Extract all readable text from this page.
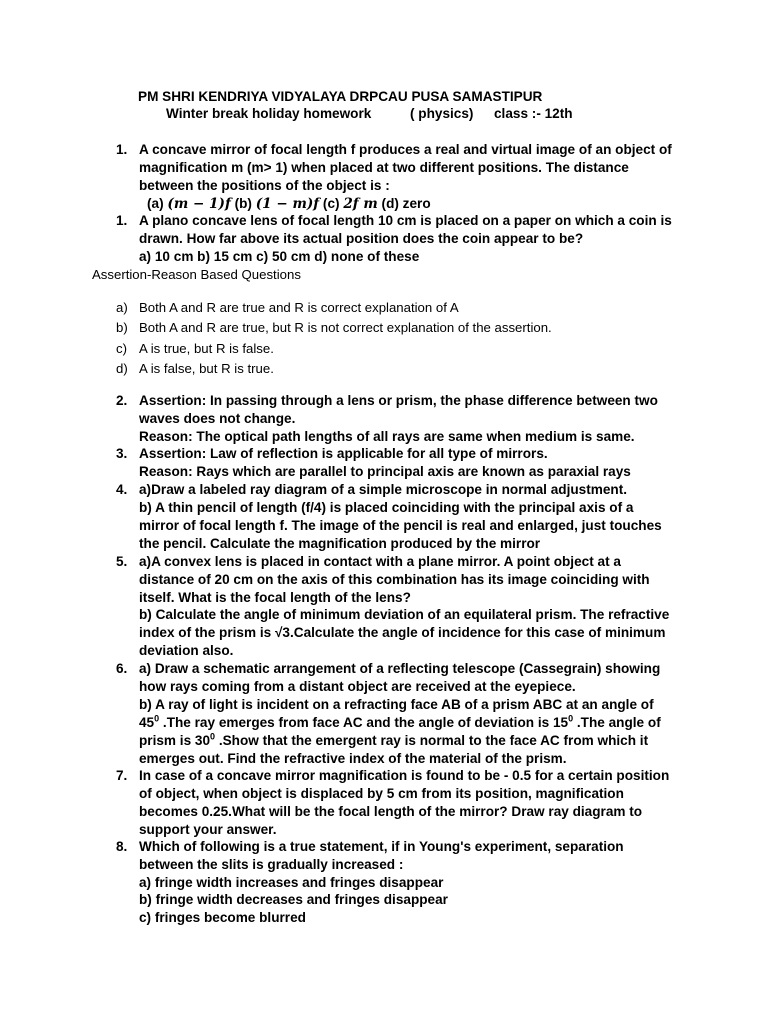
PM SHRI KENDRIYA VIDYALAYA DRPCAU PUSA SAMASTIPUR
Winter break holiday homework	( physics) class :- 12th
1. A concave mirror of focal length f produces a real and virtual image of an object of
magnification m (m> 1) when placed at two different positions. The distance
between the positions of the object is :
(a) (m − 1)f (b) (1 − m)f (c) 2f m (d) zero
1. A plano concave lens of focal length 10 cm is placed on a paper on which a coin is
drawn. How far above its actual position does the coin appear to be?
a) 10 cm b) 15 cm c) 50 cm d) none of these
Assertion-Reason Based Questions
a) Both A and R are true and R is correct explanation of A
b) Both A and R are true, but R is not correct explanation of the assertion.
c) A is true, but R is false.
d) A is false, but R is true.
2. Assertion: In passing through a lens or prism, the phase difference between two
waves does not change.
Reason: The optical path lengths of all rays are same when medium is same.
3. Assertion: Law of reflection is applicable for all type of mirrors.
Reason: Rays which are parallel to principal axis are known as paraxial rays
4. a)Draw a labeled ray diagram of a simple microscope in normal adjustment.
b) A thin pencil of length (f/4) is placed coinciding with the principal axis of a
mirror of focal length f. The image of the pencil is real and enlarged, just touches
the pencil. Calculate the magnification produced by the mirror
5. a)A convex lens is placed in contact with a plane mirror. A point object at a
distance of 20 cm on the axis of this combination has its image coinciding with
itself. What is the focal length of the lens?
b) Calculate the angle of minimum deviation of an equilateral prism. The refractive
index of the prism is √3.Calculate the angle of incidence for this case of minimum
deviation also.
6. a) Draw a schematic arrangement of a reflecting telescope (Cassegrain) showing
how rays coming from a distant object are received at the eyepiece.
b) A ray of light is incident on a refracting face AB of a prism ABC at an angle of
$45^0$ .The ray emerges from face AC and the angle of deviation is $15^0$ .The angle of
prism is $30^0$ .Show that the emergent ray is normal to the face AC from which it
emerges out. Find the refractive index of the material of the prism.
7. In case of a concave mirror magnification is found to be - 0.5 for a certain position
of object, when object is displaced by 5 cm from its position, magnification
becomes 0.25.What will be the focal length of the mirror? Draw ray diagram to
support your answer.
8. Which of following is a true statement, if in Young's experiment, separation
between the slits is gradually increased :
a) fringe width increases and fringes disappear
b) fringe width decreases and fringes disappear
c) fringes become blurred
